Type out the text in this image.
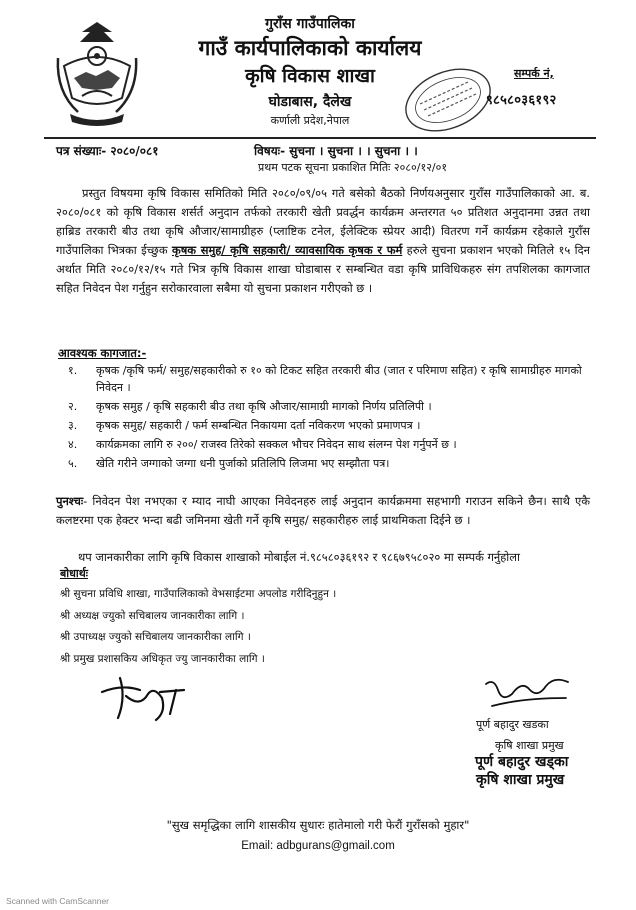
गुराँस गाउँपालिका
गाउँ कार्यपालिकाको कार्यालय
कृषि विकास शाखा
घोडाबास, दैलेख
कर्णाली प्रदेश,नेपाल
सम्पर्क नं,
९८५८०३६१९२
पत्र संख्याः- २०८०/०८१	विषयः- सुचना । सुचना । । सुचना । ।
प्रथम पटक सूचना प्रकाशित मितिः २०८०/१२/०१

प्रस्तुत विषयमा कृषि विकास समितिको मिति २०८०/०९/०५ गते बसेको बैठको निर्णयअनुसार गुराँस गाउँपालिकाको आ. ब. २०८०/०८१ को कृषि विकास शर्सर्त अनुदान तर्फको तरकारी खेती प्रवर्द्धन कार्यक्रम अन्तरगत ५० प्रतिशत अनुदानमा उन्नत तथा हाब्रिड तरकारी बीउ तथा कृषि औजार/सामाग्रीहरु (प्लाष्टिक टनेल, ईलेक्टिक स्प्रेयर आदी) वितरण गर्ने कार्यक्रम रहेकाले गुराँस गाउँपालिका भित्रका ईच्छुक कृषक समुह/ कृषि सहकारी/ व्यावसायिक कृषक र फर्म हरुले सुचना प्रकाशन भएको मितिले १५ दिन अर्थात मिति २०८०/१२/१५ गते भित्र कृषि विकास शाखा घोडाबास र सम्बन्धित वडा कृषि प्राविधिकहरु संग तपशिलका कागजात सहित निवेदन पेश गर्नुहुन सरोकारवाला सबैमा यो सुचना प्रकाशन गरीएको छ ।

आवश्यक कागजात:-
१. कृषक /कृषि फर्म/ समुह/सहकारीको रु १० को टिकट सहित तरकारी बीउ (जात र परिमाण सहित) र कृषि सामाग्रीहरु मागको निवेदन ।
२. कृषक समुह / कृषि सहकारी बीउ तथा कृषि औजार/सामाग्री मागको निर्णय प्रतिलिपी ।
३. कृषक समुह/ सहकारी / फर्म सम्बन्धित निकायमा दर्ता नविकरण भएको प्रमाणपत्र ।
४. कार्यक्रमका लागि रु २००/ राजस्व तिरेको सक्कल भौचर निवेदन साथ संलग्न पेश गर्नुपर्ने छ ।
५. खेति गरीने जग्गाको जग्गा धनी पुर्जाको प्रतिलिपि लिजमा भए सम्झौता पत्र।

पुनश्चः- निवेदन पेश नभएका र म्याद नाघी आएका निवेदनहरु लाई अनुदान कार्यक्रममा सहभागी गराउन सकिने छैन। साथै एकै कलष्टरमा एक हेक्टर भन्दा बढी जमिनमा खेती गर्ने कृषि समुह/ सहकारीहरु लाई प्राथमिकता दिईने छ ।

थप जानकारीका लागि कृषि विकास शाखाको मोबाईल नं.९८५८०३६१९२ र ९८६७९५८०२० मा सम्पर्क गर्नुहोला

बोधार्थः
श्री सुचना प्रविधि शाखा, गाउँपालिकाको वेभसाईटमा अपलोड गरीदिनुहुन ।
श्री अध्यक्ष ज्युको सचिबालय जानकारीका लागि ।
श्री उपाध्यक्ष ज्युको सचिबालय जानकारीका लागि ।
श्री प्रमुख प्रशासकिय अधिकृत ज्यु जानकारीका लागि ।
पूर्ण बहादुर खडका
कृषि शाखा प्रमुख
पूर्ण बहादुर खड्का
कृषि शाखा प्रमुख
"सुख समृद्धिका लागि शासकीय सुधारः हातेमालो गरी फेरौं गुराँसको मुहार"
Email: adbgurans@gmail.com
Scanned with CamScanner
